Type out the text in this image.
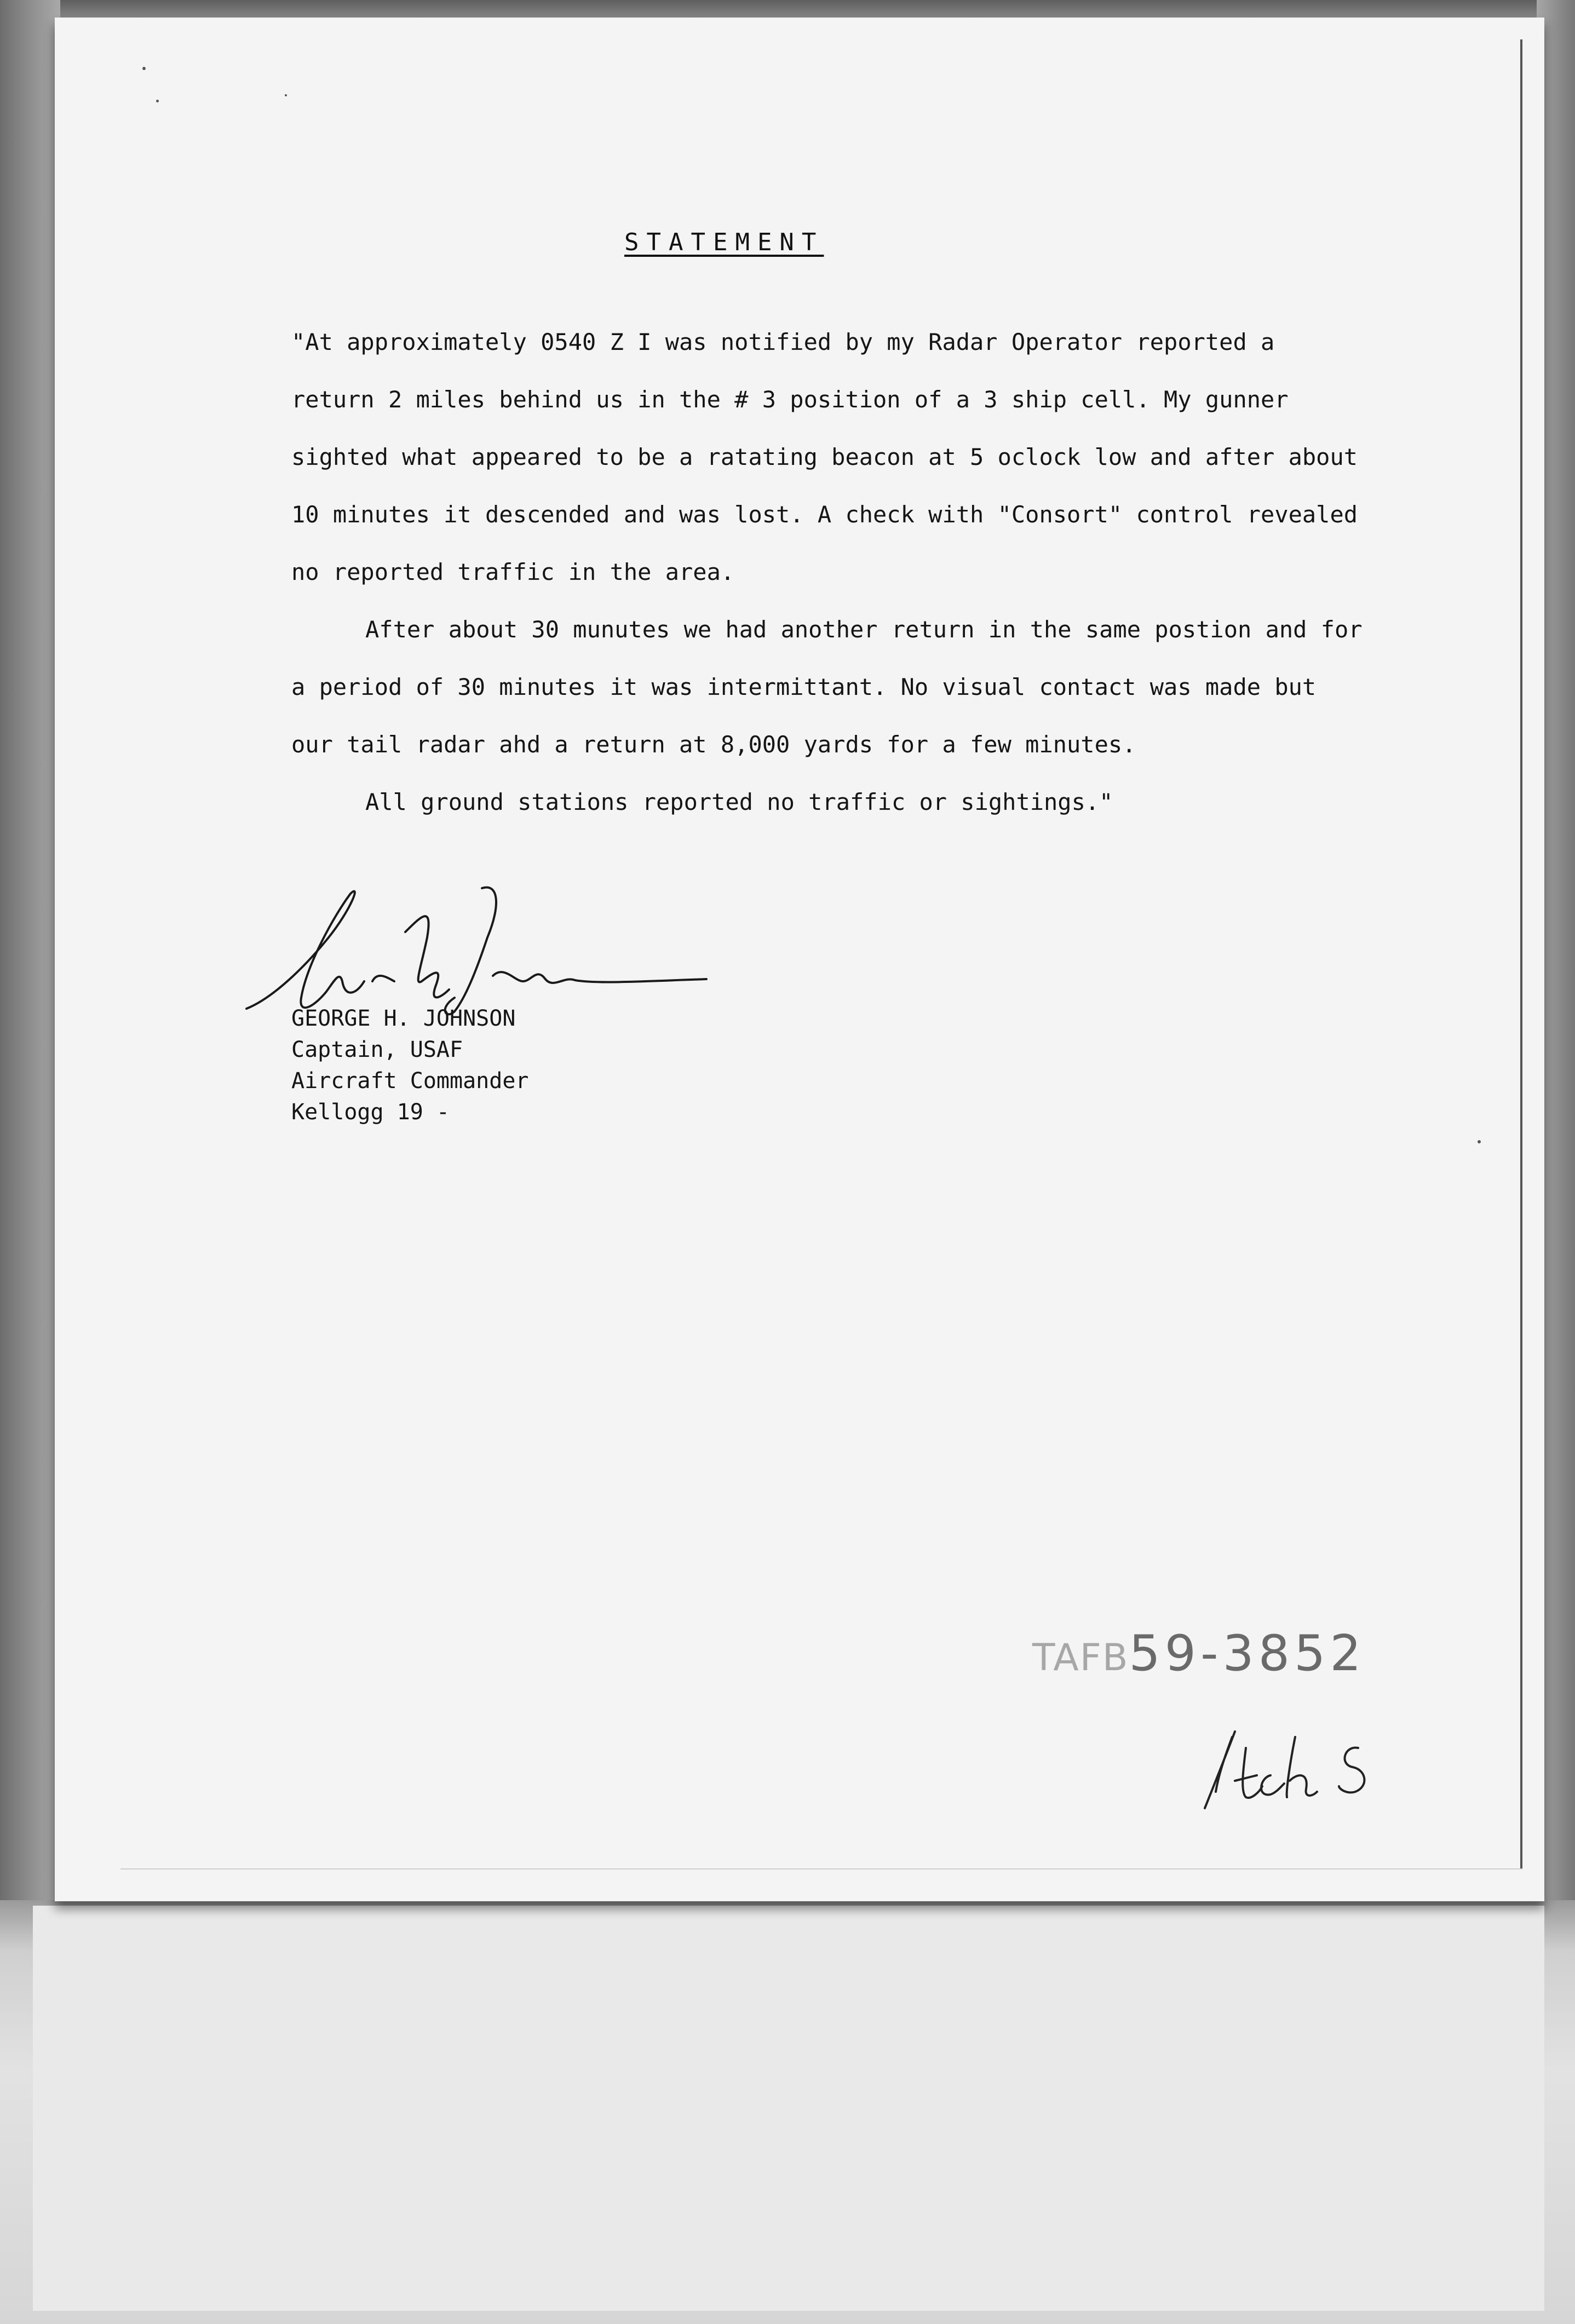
STATEMENT

"At approximately 0540 Z I was notified by my Radar Operator reported a return 2 miles behind us in the # 3 position of a 3 ship cell. My gunner sighted what appeared to be a ratating beacon at 5 oclock low and after about 10 minutes it descended and was lost. A check with "Consort" control revealed no reported traffic in the area.

After about 30 munutes we had another return in the same postion and for a period of 30 minutes it was intermittant. No visual contact was made but our tail radar ahd a return at 8,000 yards for a few minutes.

All ground stations reported no traffic or sightings."

GEORGE H. JOHNSON
Captain, USAF
Aircraft Commander
Kellogg 19 -
TAFB59-3852
